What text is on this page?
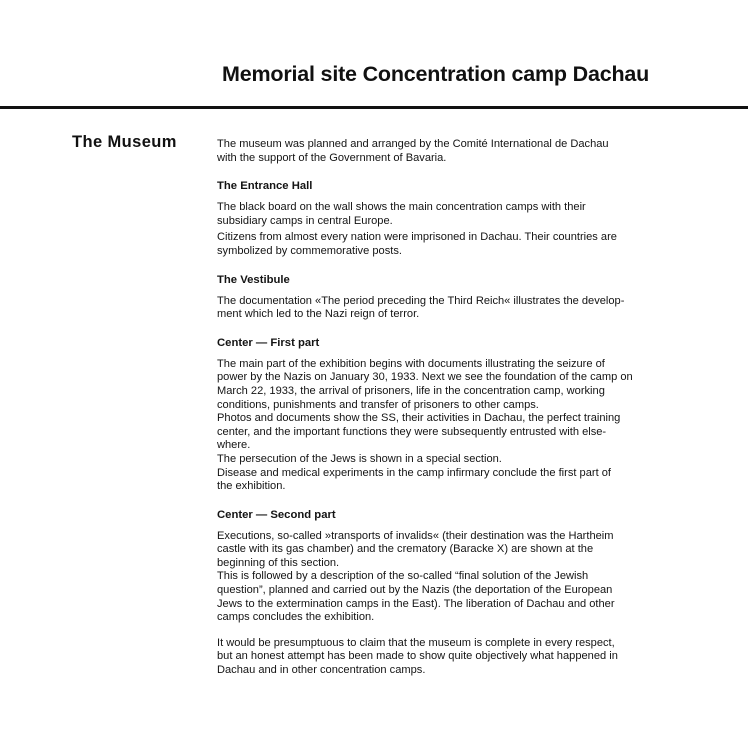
Memorial site Concentration camp Dachau
The Museum	The museum was planned and arranged by the Comité International de Dachau
with the support of the Government of Bavaria.

The Entrance Hall

The black board on the wall shows the main concentration camps with their
subsidiary camps in central Europe.

Citizens from almost every nation were imprisoned in Dachau. Their countries are
symbolized by commemorative posts.

The Vestibule

The documentation «The period preceding the Third Reich« illustrates the develop-
ment which led to the Nazi reign of terror.

Center — First part

The main part of the exhibition begins with documents illustrating the seizure of
power by the Nazis on January 30, 1933. Next we see the foundation of the camp on
March 22, 1933, the arrival of prisoners, life in the concentration camp, working
conditions, punishments and transfer of prisoners to other camps.

Photos and documents show the SS, their activities in Dachau, the perfect training
center, and the important functions they were subsequently entrusted with else-
where.

The persecution of the Jews is shown in a special section.

Disease and medical experiments in the camp infirmary conclude the first part of
the exhibition.

Center — Second part

Executions, so-called »transports of invalids« (their destination was the Hartheim
castle with its gas chamber) and the crematory (Baracke X) are shown at the
beginning of this section.

This is followed by a description of the so-called “final solution of the Jewish
question”, planned and carried out by the Nazis (the deportation of the European
Jews to the extermination camps in the East). The liberation of Dachau and other
camps concludes the exhibition.

It would be presumptuous to claim that the museum is complete in every respect,
but an honest attempt has been made to show quite objectively what happened in
Dachau and in other concentration camps.
